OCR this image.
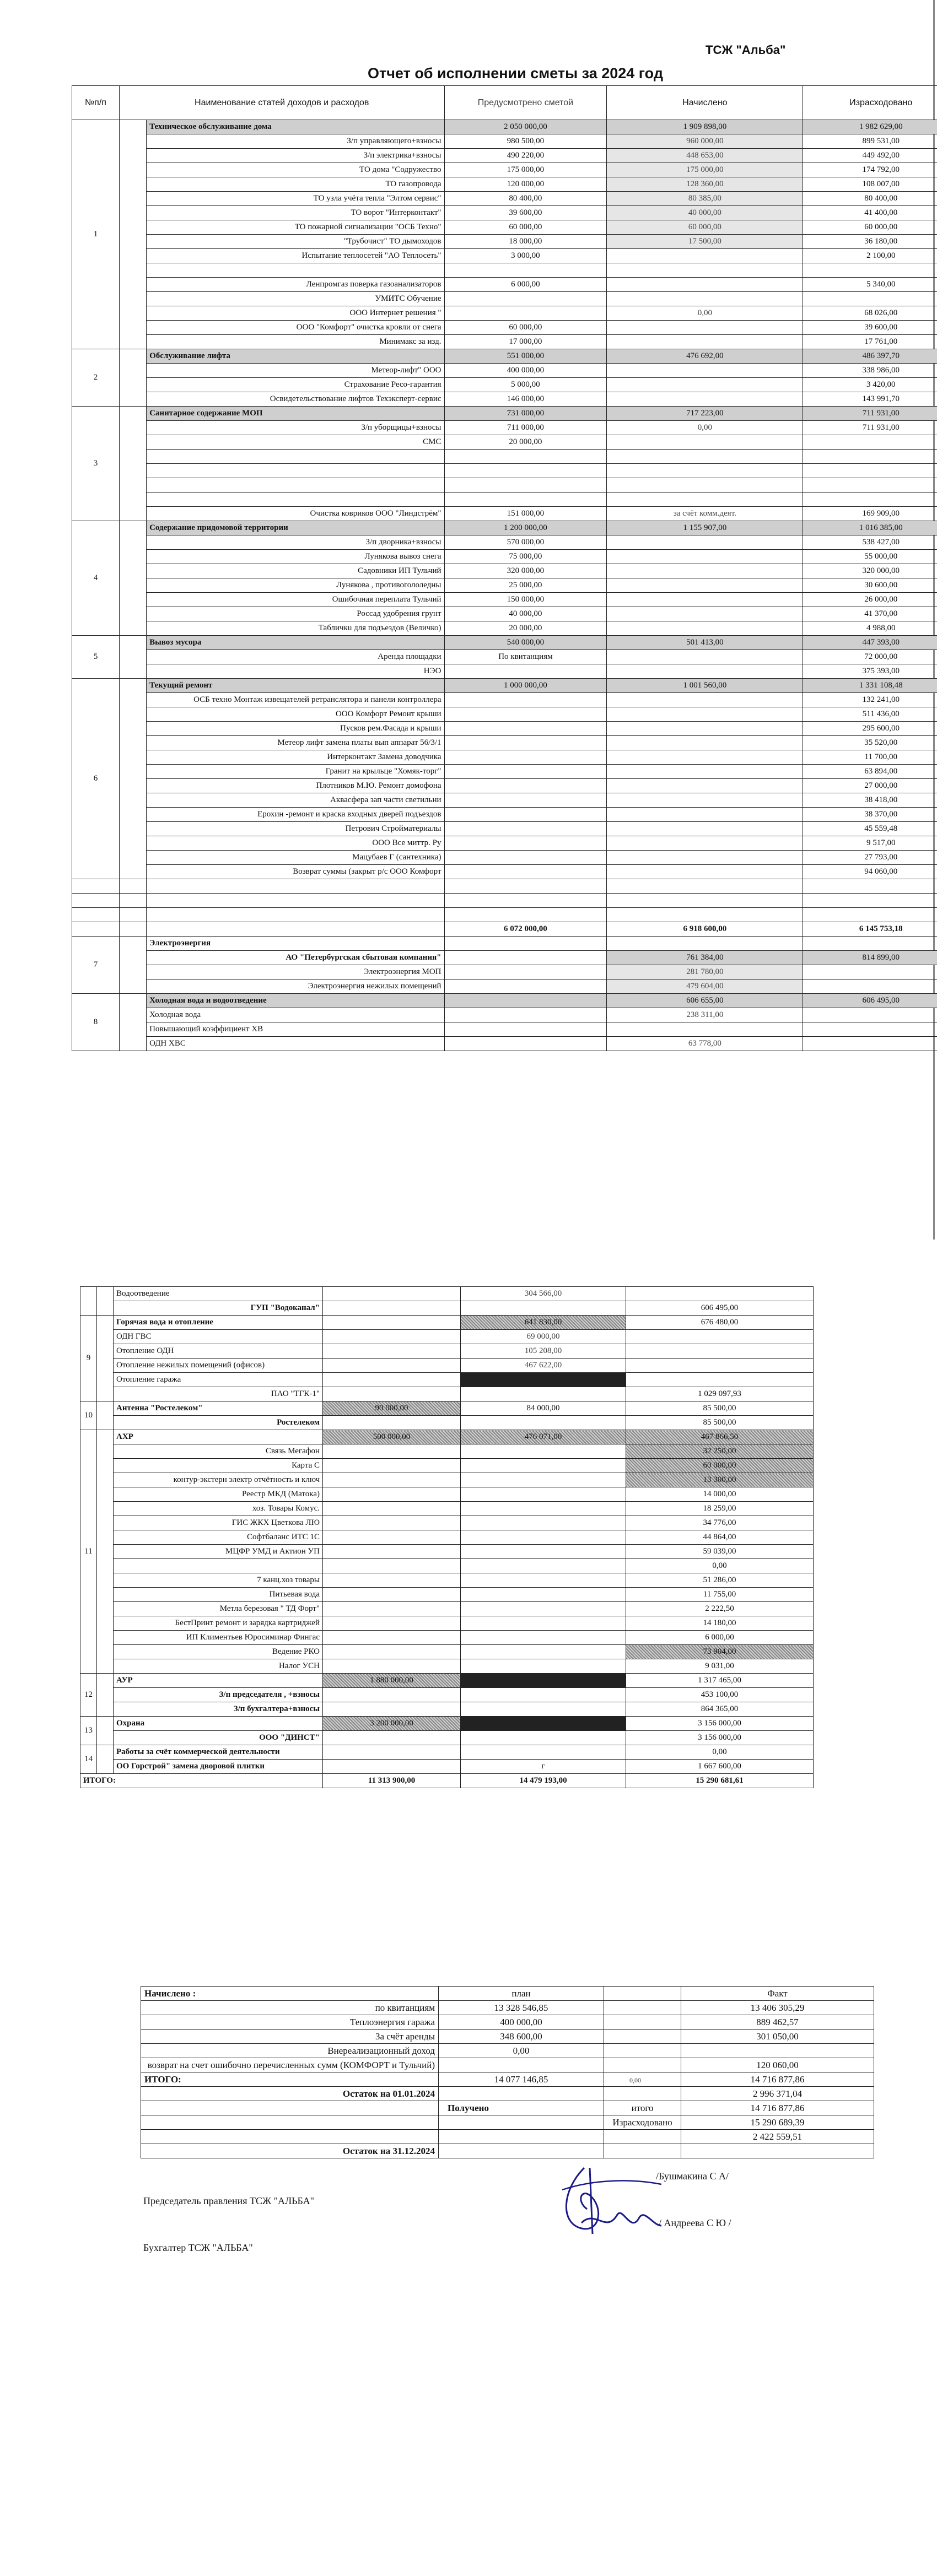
ТСЖ "Альба"
Отчет об исполнении сметы за 2024 год
№п/п	Наименование статей доходов и расходов		Предусмотрено сметой	Начислено	Израсходовано
1		Техническое обслуживание дома	2 050 000,00	1 909 898,00	1 982 629,00
		З/п управляющего+взносы	980 500,00	960 000,00	899 531,00
		З/п электрика+взносы	490 220,00	448 653,00	449 492,00
		ТО дома "Содружество	175 000,00	175 000,00	174 792,00
		ТО газопровода	120 000,00	128 360,00	108 007,00
		ТО узла учёта тепла "Элтом сервис"	80 400,00	80 385,00	80 400,00
		ТО ворот "Интерконтакт"	39 600,00	40 000,00	41 400,00
		ТО пожарной сигнализации "ОСБ Техно"	60 000,00	60 000,00	60 000,00
		"Трубочист" ТО дымоходов	18 000,00	17 500,00	36 180,00
		Испытание теплосетей "АО Теплосеть"	3 000,00		2 100,00

		Ленпромгаз поверка газоанализаторов	6 000,00		5 340,00
		УМИТС Обучение			
		ООО Интернет решения "		0,00	68 026,00
		ООО "Комфорт" очистка кровли от снега	60 000,00		39 600,00
		Минимакс за изд.	17 000,00		17 761,00
2		Обслуживание лифта	551 000,00	476 692,00	486 397,70
		Метеор-лифт" ООО	400 000,00		338 986,00
		Страхование Ресо-гарантия	5 000,00		3 420,00
		Освидетельствование лифтов Техэксперт-сервис	146 000,00		143 991,70
3		Санитарное содержание МОП	731 000,00	717 223,00	711 931,00
		З/п уборщицы+взносы	711 000,00	0,00	711 931,00
		СМС	20 000,00		

		Очистка ковриков ООО "Линдстрём"	151 000,00	за счёт комм.деят.	169 909,00
4		Содержание придомовой территории	1 200 000,00	1 155 907,00	1 016 385,00
		З/п дворника+взносы	570 000,00		538 427,00
		Лунякова вывоз снега	75 000,00		55 000,00
		Садовники ИП Тульчий	320 000,00		320 000,00
		Лунякова , противогололедны	25 000,00		30 600,00
		Ошибочная переплата Тульчий	150 000,00		26 000,00
		Россад удобрения грунт	40 000,00		41 370,00
		Табличкu для подъездов (Величко)	20 000,00		4 988,00
5		Вывоз мусора	540 000,00	501 413,00	447 393,00
		Аренда площадки	По квитанциям		72 000,00
		НЭО			375 393,00
6		Текущий ремонт	1 000 000,00	1 001 560,00	1 331 108,48
		ОСБ техно Монтаж извещателей ретранслятора и панели контроллера			132 241,00
		ООО Комфорт Ремонт крыши			511 436,00
		Пусков рем.Фасада и крыши			295 600,00
		Метеор лифт замена платы вып аппарат 56/3/1			35 520,00
		Интерконтакт Замена доводчика			11 700,00
		Гранит на крыльце "Хомяк-торг"			63 894,00
		Плотников М.Ю. Ремонт домофона			27 000,00
		Аквасфера зап части светильни			38 418,00
		Ерохин -ремонт и краска входных дверей подъездов			38 370,00
		Петрович Стройматериалы			45 559,48
		ООО Все миттр. Ру			9 517,00
		Мацубаев Г (сантехника)			27 793,00
		Возврат суммы (закрыт р/с ООО Комфорт			94 060,00

			6 072 000,00	6 918 600,00	6 145 753,18
7		Электроэнергия			
		АО "Петербургская сбытовая компания"		761 384,00	814 899,00
		Электроэнергия МОП		281 780,00	
		Электроэнергия нежилых помещений		479 604,00	
8		Холодная вода и водоотведение		606 655,00	606 495,00
		Холодная вода		238 311,00	
		Повышающий коэффициент ХВ			
		ОДН ХВС		63 778,00	
		Водоотведение		304 566,00	
		ГУП "Водоканал"			606 495,00
9		Горячая вода и отопление		641 830,00	676 480,00
		ОДН ГВС		69 000,00	
		Отопление ОДН		105 208,00	
		Отопление нежилых помещений (офисов)		467 622,00	
		Отопление гаража			
		ПАО "ТГК-1"			1 029 097,93
10		Антенна "Ростелеком"	90 000,00	84 000,00	85 500,00
		Ростелеком			85 500,00
11		АХР	500 000,00	476 071,00	467 866,50
		Связь Мегафон			32 250,00
		Карта С			60 000,00
		контур-экстерн электр отчётность и ключ			13 300,00
		Реестр МКД (Матока)			14 000,00
		хоз. Товары Комус.			18 259,00
		ГИС ЖКХ Цветкова ЛЮ			34 776,00
		Софтбаланс ИТС 1С			44 864,00
		МЦФР УМД и Актион УП			59 039,00
					0,00
		7 канц.хоз товары			51 286,00
		Питьевая вода			11 755,00
		Метла березовая " ТД Форт"			2 222,50
		БестПринт ремонт и зарядка картриджей			14 180,00
		ИП Климентьев Юросиминар Фингас			6 000,00
		Ведение РКО			73 904,00
		Налог УСН			9 031,00
12		АУР	1 880 000,00	1 880 000,00	1 317 465,00
		З/п председателя , +взносы			453 100,00
		З/п бухгалтера+взносы			864 365,00
13		Охрана	3 200 000,00		3 156 000,00
		ООО "ДИНСТ"			3 156 000,00
14		Работы за счёт коммерческой деятельности			0,00
		ОО Горстрой" замена дворовой плитки		г	1 667 600,00
ИТОГО:			11 313 900,00	14 479 193,00	15 290 681,61
Начислено :	план		Факт
по квитанциям	13 328 546,85		13 406 305,29
Теплоэнергия гаража	400 000,00		889 462,57
За счёт аренды	348 600,00		301 050,00
Внереализационный доход	0,00		
возврат на счет ошибочно перечисленных сумм (КОМФОРТ и Тульчий)			120 060,00
ИТОГО:	14 077 146,85	0,00	14 716 877,86
Остаток на 01.01.2024			2 996 371,04
	Получено	итого	14 716 877,86
		Израсходовано	15 290 689,39
			2 422 559,51
Остаток на 31.12.2024			
Председатель правления ТСЖ "АЛЬБА"
/Бушмакина С А/
Бухгалтер ТСЖ "АЛЬБА"
/ Андреева С Ю /
